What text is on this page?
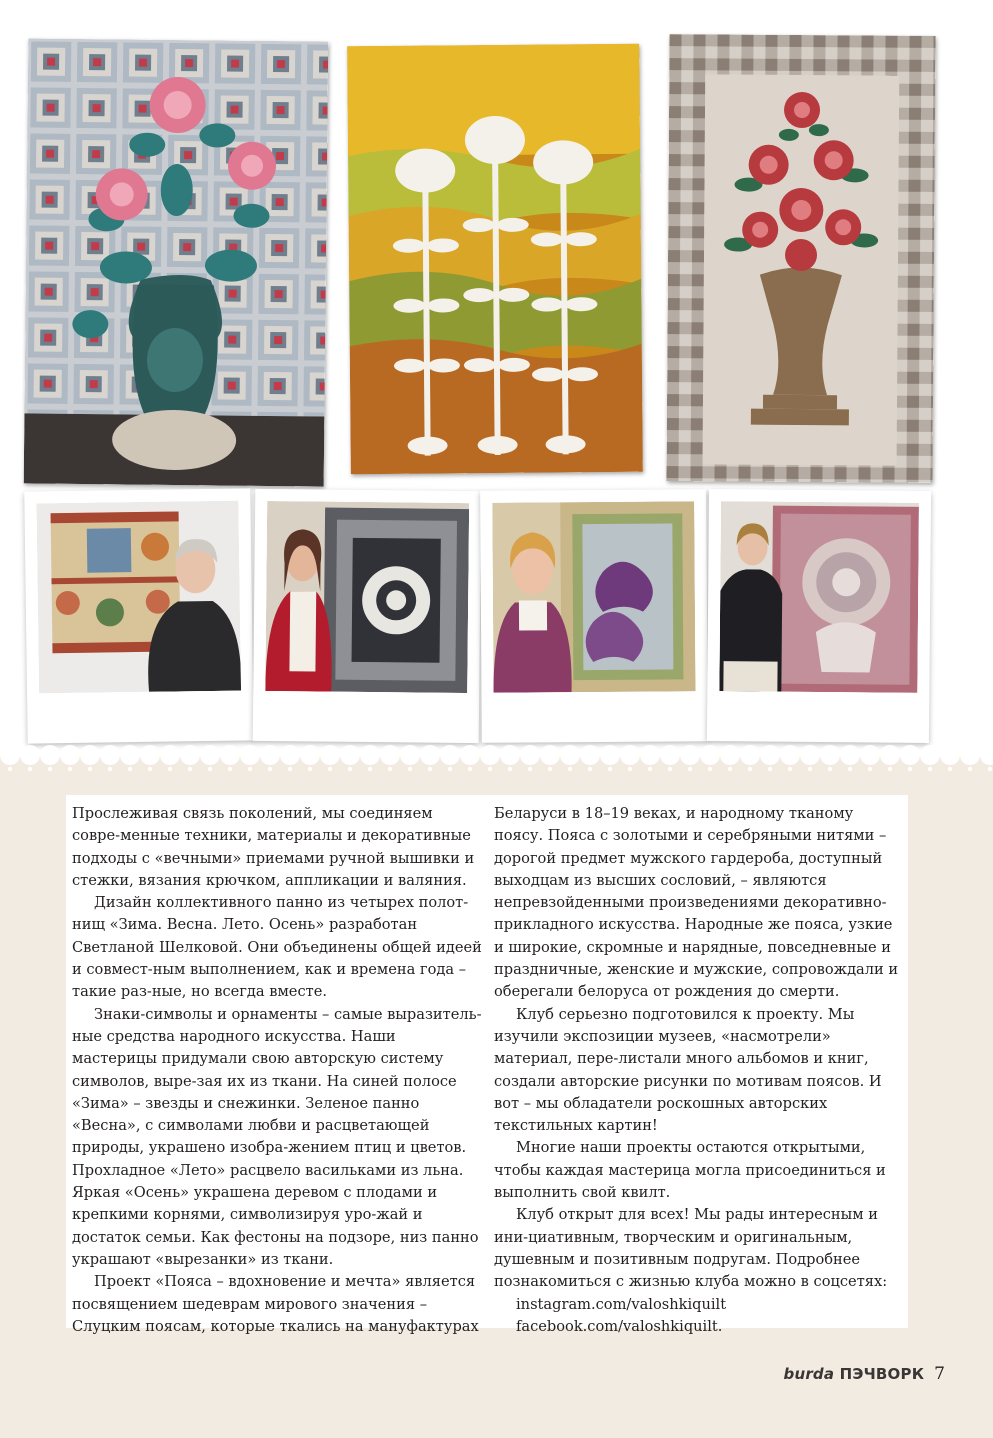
Прослеживая связь поколений, мы соединяем совре-менные техники, материалы и декоративные подходы с «вечными» приемами ручной вышивки и стежки, вязания крючком, аппликации и валяния.

Дизайн коллективного панно из четырех полот-нищ «Зима. Весна. Лето. Осень» разработан Светланой Шелковой. Они объединены общей идеей и совмест-ным выполнением, как и времена года – такие раз-ные, но всегда вместе.

Знаки-символы и орнаменты – самые выразитель-ные средства народного искусства. Наши мастерицы придумали свою авторскую систему символов, выре-зая их из ткани. На синей полосе «Зима» – звезды и снежинки. Зеленое панно «Весна», с символами любви и расцветающей природы, украшено изобра-жением птиц и цветов. Прохладное «Лето» расцвело васильками из льна. Яркая «Осень» украшена деревом с плодами и крепкими корнями, символизируя уро-жай и достаток семьи. Как фестоны на подзоре, низ панно украшают «вырезанки» из ткани.

Проект «Пояса – вдохновение и мечта» является посвящением шедеврам мирового значения – Слуцким поясам, которые ткались на мануфактурах

Беларуси в 18–19 веках, и народному тканому поясу. Пояса с золотыми и серебряными нитями – дорогой предмет мужского гардероба, доступный выходцам из высших сословий, – являются непревзойденными произведениями декоративно-прикладного искусства. Народные же пояса, узкие и широкие, скромные и нарядные, повседневные и праздничные, женские и мужские, сопровождали и оберегали белоруса от рождения до смерти.

Клуб серьезно подготовился к проекту. Мы изучили экспозиции музеев, «насмотрели» материал, пере-листали много альбомов и книг, создали авторские рисунки по мотивам поясов. И вот – мы обладатели роскошных авторских текстильных картин!

Многие наши проекты остаются открытыми, чтобы каждая мастерица могла присоединиться и выполнить свой квилт.

Клуб открыт для всех! Мы рады интересным и ини-циативным, творческим и оригинальным, душевным и позитивным подругам. Подробнее познакомиться с жизнью клуба можно в соцсетях:

instagram.com/valoshkiquilt
facebook.com/valoshkiquilt.
burda ПЭЧВОРК 7
